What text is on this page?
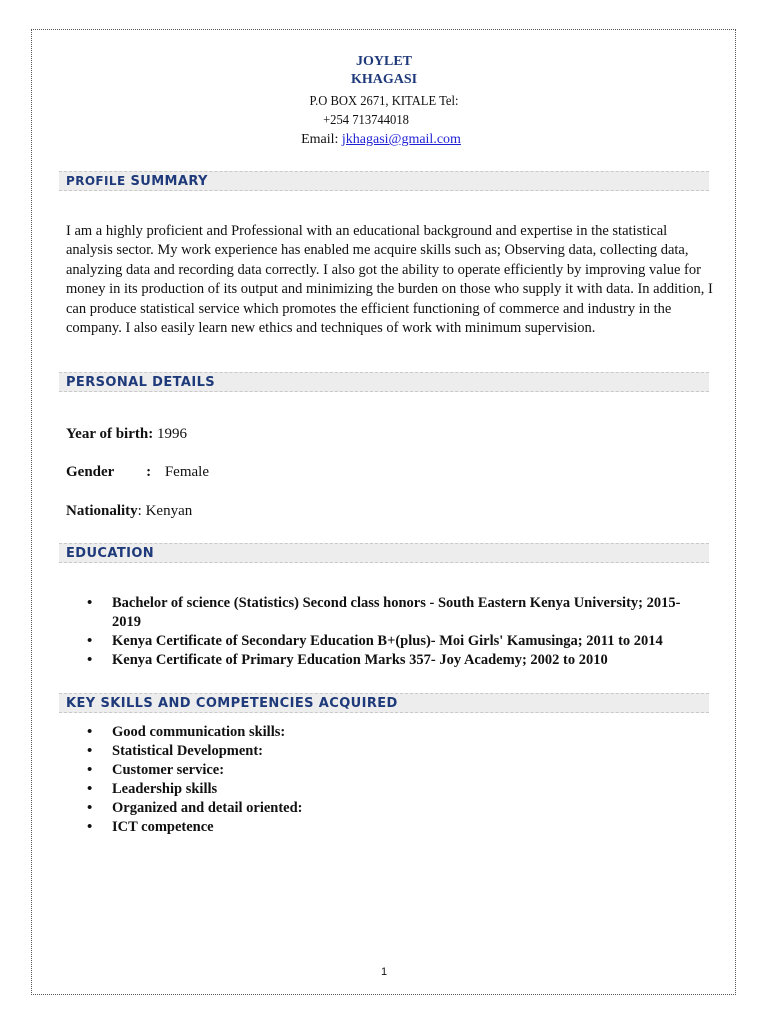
JOYLET
KHAGASI
P.O BOX 2671, KITALE Tel:
+254 713744018
Email: jkhagasi@gmail.com
PROFILE SUMMARY
I am a highly proficient and Professional with an educational background and expertise in the statistical analysis sector. My work experience has enabled me acquire skills such as; Observing data, collecting data, analyzing data and recording data correctly. I also got the ability to operate efficiently by improving value for money in its production of its output and minimizing the burden on those who supply it with data. In addition, I can produce statistical service which promotes the efficient functioning of commerce and industry in the company. I also easily learn new ethics and techniques of work with minimum supervision.
PERSONAL DETAILS
Year of birth: 1996
Gender : Female
Nationality: Kenyan
EDUCATION
• Bachelor of science (Statistics) Second class honors - South Eastern Kenya University; 2015-2019
• Kenya Certificate of Secondary Education B+(plus)- Moi Girls' Kamusinga; 2011 to 2014
• Kenya Certificate of Primary Education Marks 357- Joy Academy; 2002 to 2010
KEY SKILLS AND COMPETENCIES ACQUIRED
• Good communication skills:
• Statistical Development:
• Customer service:
• Leadership skills
• Organized and detail oriented:
• ICT competence
1
